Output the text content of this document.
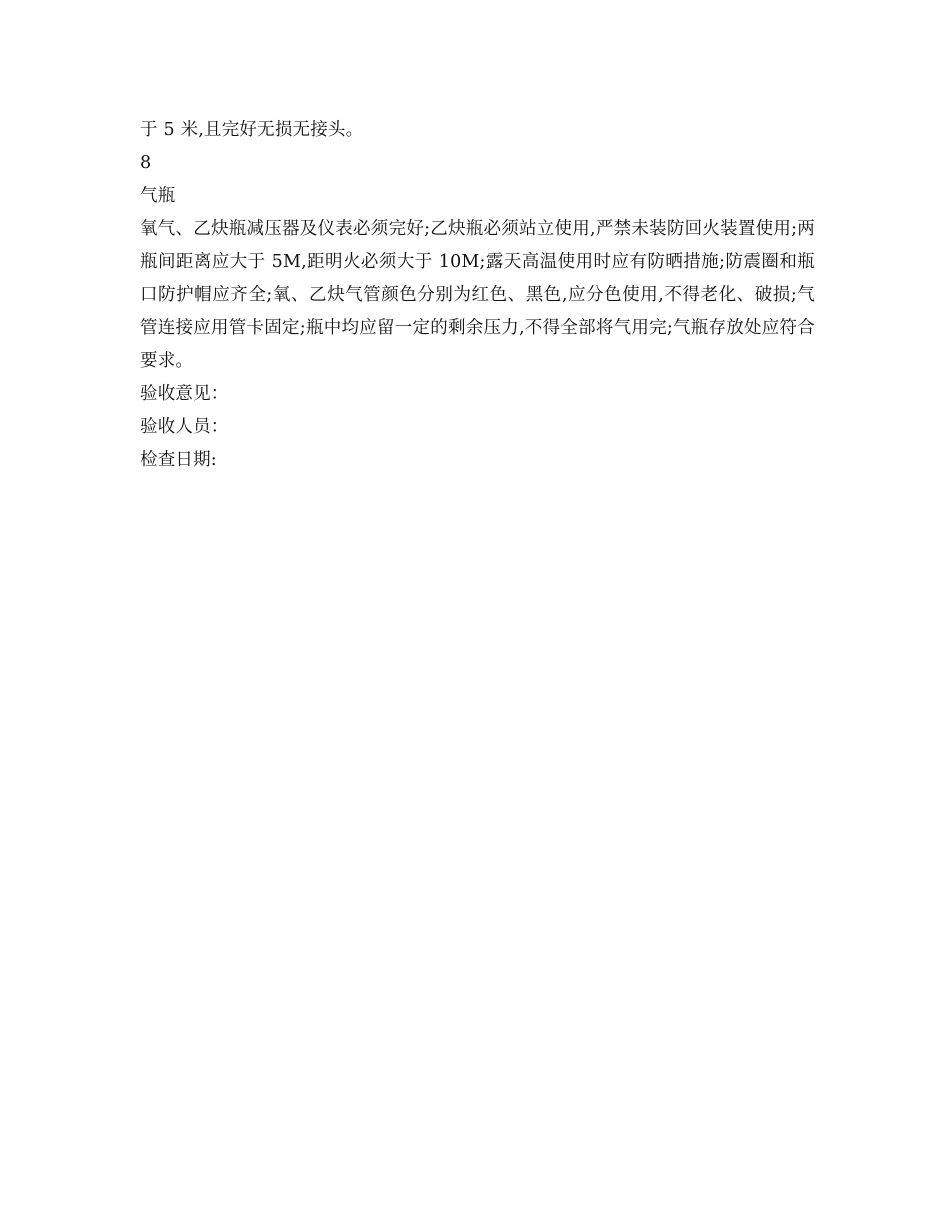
于 5 米,且完好无损无接头。
8
气瓶
氧气、乙炔瓶减压器及仪表必须完好;乙炔瓶必须站立使用,严禁未装防回火装置使用;两瓶间距离应大于 5M,距明火必须大于 10M;露天高温使用时应有防晒措施;防震圈和瓶口防护帽应齐全;氧、乙炔气管颜色分别为红色、黑色,应分色使用,不得老化、破损;气管连接应用管卡固定;瓶中均应留一定的剩余压力,不得全部将气用完;气瓶存放处应符合要求。
验收意见：
验收人员：
检查日期:
